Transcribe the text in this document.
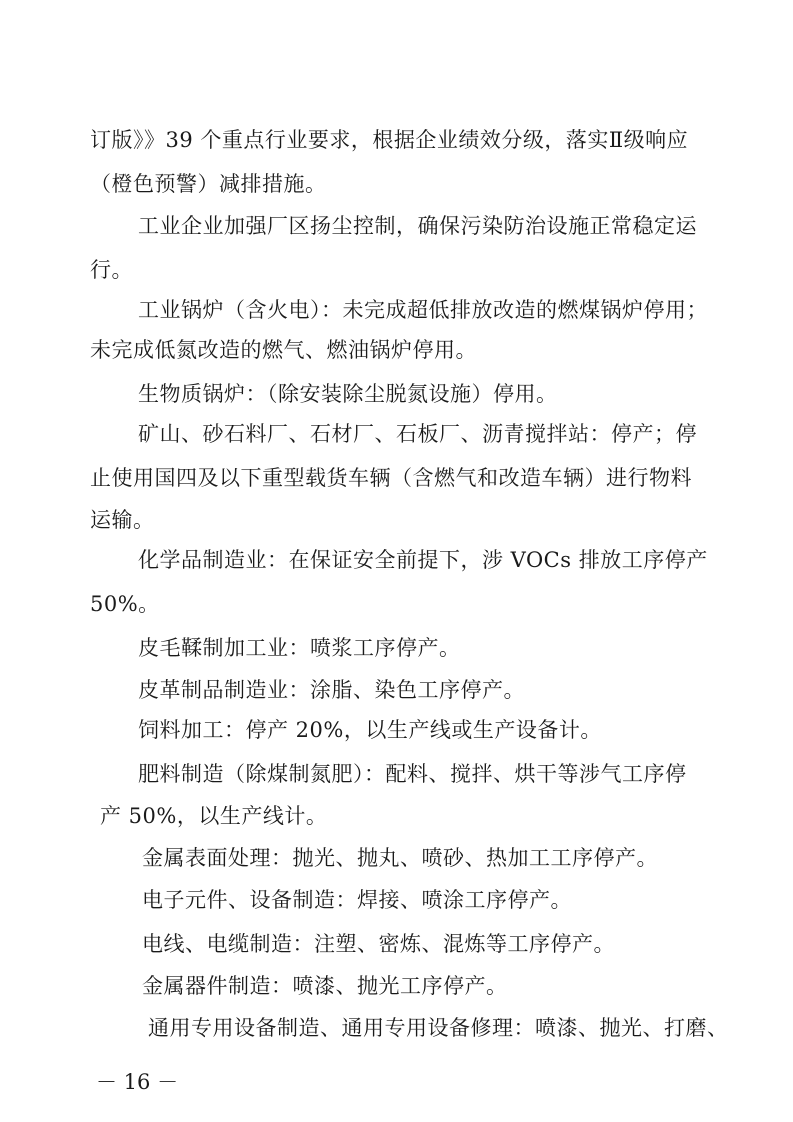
订版》》39 个重点行业要求，根据企业绩效分级，落实Ⅱ级响应
（橙色预警）减排措施。
工业企业加强厂区扬尘控制，确保污染防治设施正常稳定运
行。
工业锅炉（含火电）：未完成超低排放改造的燃煤锅炉停用；
未完成低氮改造的燃气、燃油锅炉停用。
生物质锅炉：（除安装除尘脱氮设施）停用。
矿山、砂石料厂、石材厂、石板厂、沥青搅拌站：停产；停
止使用国四及以下重型载货车辆（含燃气和改造车辆）进行物料
运输。
化学品制造业：在保证安全前提下，涉 VOCs 排放工序停产
50%。
皮毛鞣制加工业：喷浆工序停产。
皮革制品制造业：涂脂、染色工序停产。
饲料加工：停产 20%，以生产线或生产设备计。
肥料制造（除煤制氮肥）：配料、搅拌、烘干等涉气工序停
产 50%，以生产线计。
金属表面处理：抛光、抛丸、喷砂、热加工工序停产。
电子元件、设备制造：焊接、喷涂工序停产。
电线、电缆制造：注塑、密炼、混炼等工序停产。
金属器件制造：喷漆、抛光工序停产。
通用专用设备制造、通用专用设备修理：喷漆、抛光、打磨、
－ 16 －
